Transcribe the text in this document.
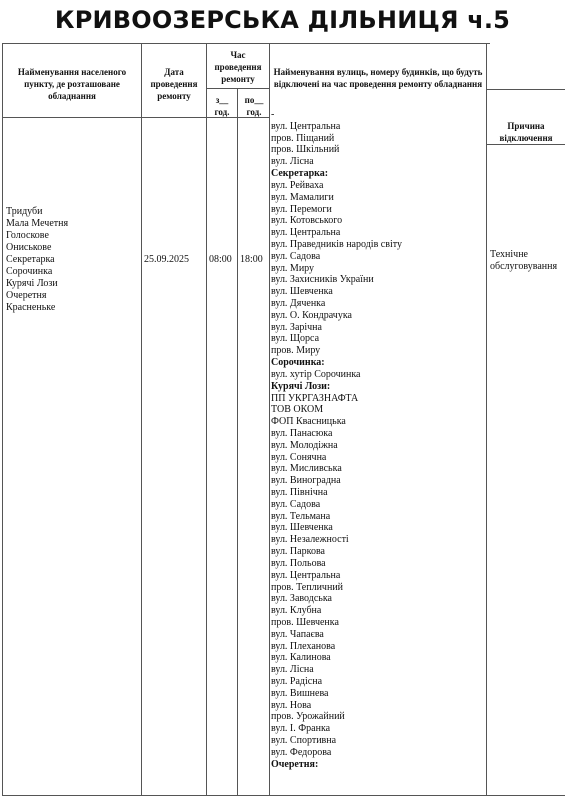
КРИВООЗЕРСЬКА ДІЛЬНИЦЯ ч.5
Найменування населеного пункту, де розташоване обладнання
Дата проведення ремонту
Час проведення ремонту
з__ год.
по__ год.
Найменування вулиць, номеру будинків, що будуть відключені на час проведення ремонту обладнання
Причина відключення
Тридуби
Мала Мечетня
Голоскове
Ониськове
Секретарка
Сорочинка
Курячі Лози
Очеретня
Красненьке
25.09.2025 08:00 18:00	Технічне
обслуговування
-
вул. Центральна
пров. Піщаний
пров. Шкільний
вул. Лісна
Секретарка:
вул. Рейваха
вул. Мамалиги
вул. Перемоги
вул. Котовського
вул. Центральна
вул. Праведників народів світу
вул. Садова
вул. Миру
вул. Захисників України
вул. Шевченка
вул. Дяченка
вул. О. Кондрачука
вул. Зарічна
вул. Щорса
пров. Миру
Сорочинка:
вул. хутір Сорочинка
Курячі Лози:
ПП УКРГАЗНАФТА
ТОВ ОКОМ
ФОП Квасницька
вул. Панасюка
вул. Молодіжна
вул. Сонячна
вул. Мисливська
вул. Виноградна
вул. Північна
вул. Садова
вул. Тельмана
вул. Шевченка
вул. Незалежності
вул. Паркова
вул. Польова
вул. Центральна
пров. Тепличний
вул. Заводська
вул. Клубна
пров. Шевченка
вул. Чапаєва
вул. Плеханова
вул. Калинова
вул. Лісна
вул. Радісна
вул. Вишнева
вул. Нова
пров. Урожайний
вул. І. Франка
вул. Спортивна
вул. Федорова
Очеретня:
